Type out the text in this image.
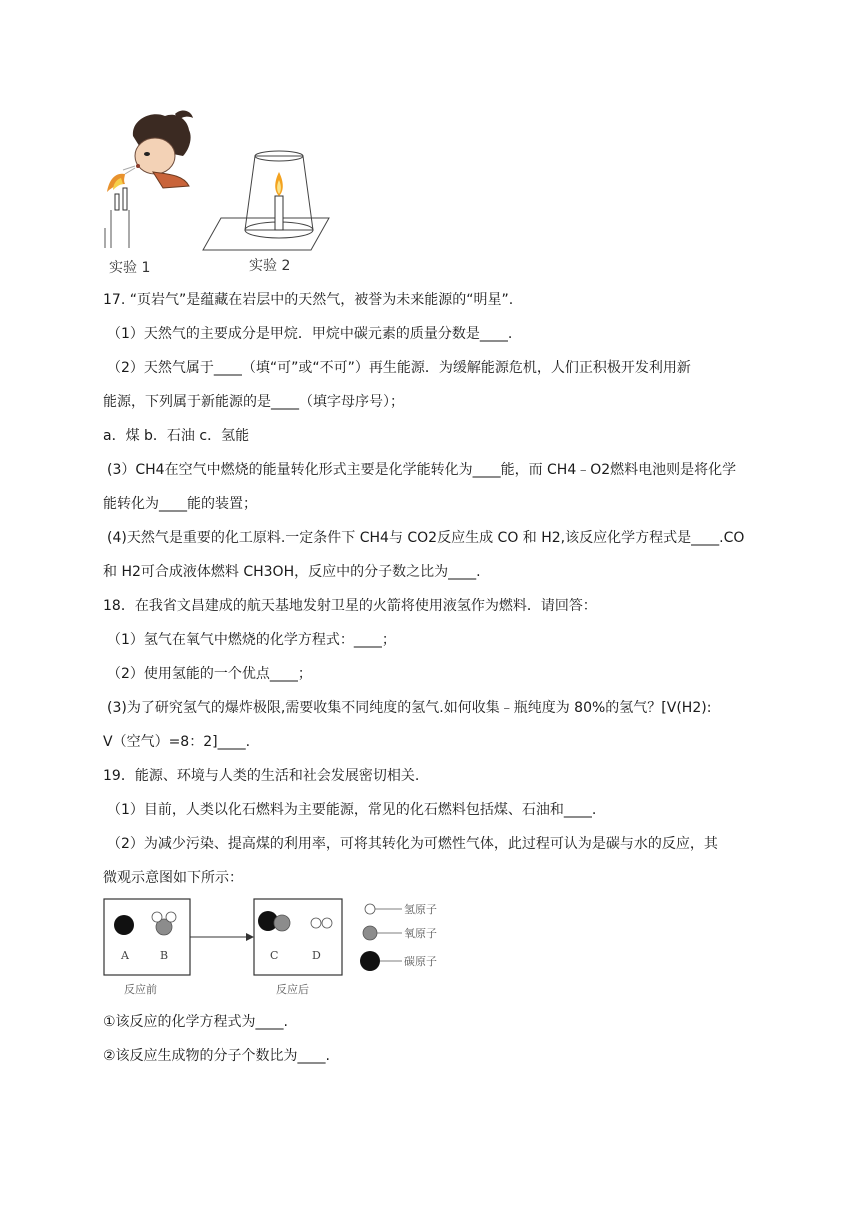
实验 1	实验 2
17. “页岩气”是蕴藏在岩层中的天然气，被誉为未来能源的“明星”.
（1）天然气的主要成分是甲烷．甲烷中碳元素的质量分数是____.
（2）天然气属于____（填“可”或“不可”）再生能源．为缓解能源危机，人们正积极开发利用新
能源，下列属于新能源的是____（填字母序号）；
a．煤 b．石油 c．氢能
(3）CH4在空气中燃烧的能量转化形式主要是化学能转化为____能，而 CH4﹣O2燃料电池则是将化学
能转化为____能的装置；
(4)天然气是重要的化工原料.一定条件下 CH4与 CO2反应生成 CO 和 H2,该反应化学方程式是____.CO
和 H2可合成液体燃料 CH3OH，反应中的分子数之比为____.
18．在我省文昌建成的航天基地发射卫星的火箭将使用液氢作为燃料．请回答：
（1）氢气在氧气中燃烧的化学方程式：____；
（2）使用氢能的一个优点____；
(3)为了研究氢气的爆炸极限,需要收集不同纯度的氢气.如何收集﹣瓶纯度为 80%的氢气？[V(H2):
V（空气）=8：2]____.
19．能源、环境与人类的生活和社会发展密切相关.
（1）目前，人类以化石燃料为主要能源，常见的化石燃料包括煤、石油和____.
（2）为减少污染、提高煤的利用率，可将其转化为可燃性气体，此过程可认为是碳与水的反应，其
微观示意图如下所示：
A	B	C	D
反应前	反应后
氢原子
氧原子
碳原子
①该反应的化学方程式为____.
②该反应生成物的分子个数比为____.
